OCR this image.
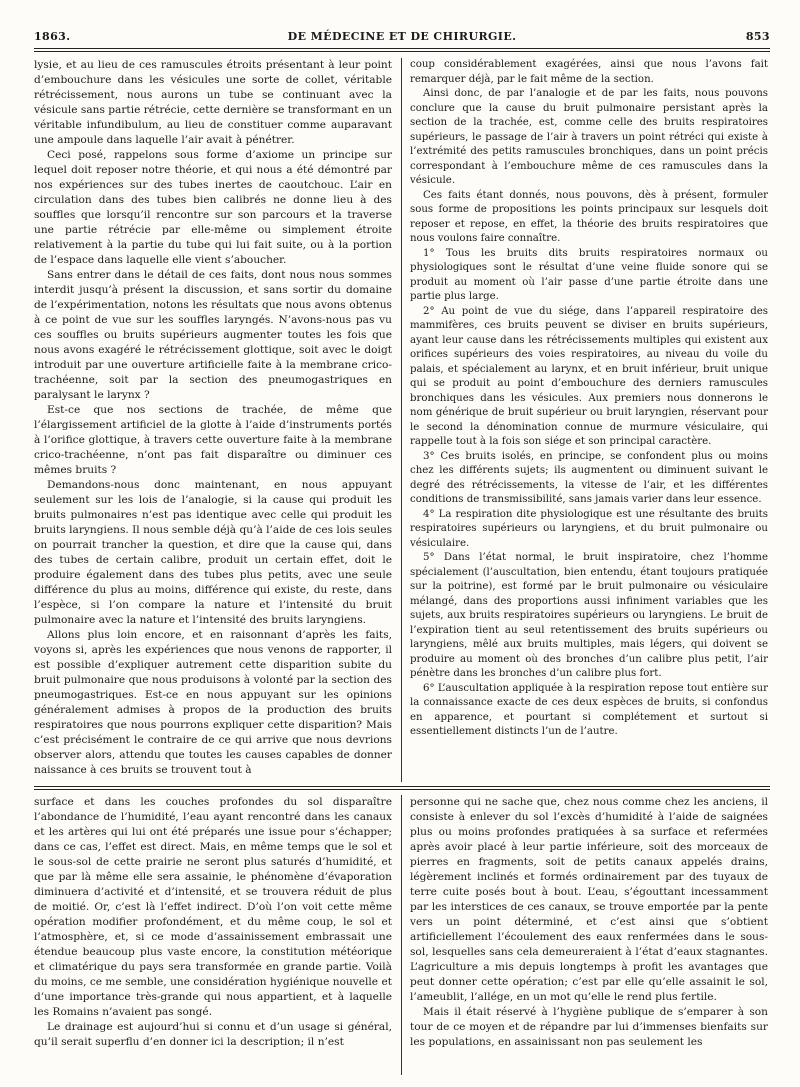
1863.	DE MÉDECINE ET DE CHIRURGIE.	853

lysie, et au lieu de ces ramuscules étroits présentant à leur point d’embouchure dans les vésicules une sorte de collet, véritable rétrécissement, nous aurons un tube se continuant avec la vésicule sans partie rétrécie, cette dernière se transformant en un véritable infundibulum, au lieu de constituer comme auparavant une ampoule dans laquelle l’air avait à pénétrer.

Ceci posé, rappelons sous forme d’axiome un principe sur lequel doit reposer notre théorie, et qui nous a été démontré par nos expériences sur des tubes inertes de caoutchouc. L’air en circulation dans des tubes bien calibrés ne donne lieu à des souffles que lorsqu’il rencontre sur son parcours et la traverse une partie rétrécie par elle-même ou simplement étroite relativement à la partie du tube qui lui fait suite, ou à la portion de l’espace dans laquelle elle vient s’aboucher.

Sans entrer dans le détail de ces faits, dont nous nous sommes interdit jusqu’à présent la discussion, et sans sortir du domaine de l’expérimentation, notons les résultats que nous avons obtenus à ce point de vue sur les souffles laryngés. N’avons-nous pas vu ces souffles ou bruits supérieurs augmenter toutes les fois que nous avons exagéré le rétrécissement glottique, soit avec le doigt introduit par une ouverture artificielle faite à la membrane crico-trachéenne, soit par la section des pneumogastriques en paralysant le larynx ?

Est-ce que nos sections de trachée, de même que l’élargissement artificiel de la glotte à l’aide d’instruments portés à l’orifice glottique, à travers cette ouverture faite à la membrane crico-trachéenne, n’ont pas fait disparaître ou diminuer ces mêmes bruits ?

Demandons-nous donc maintenant, en nous appuyant seulement sur les lois de l’analogie, si la cause qui produit les bruits pulmonaires n’est pas identique avec celle qui produit les bruits laryngiens. Il nous semble déjà qu’à l’aide de ces lois seules on pourrait trancher la question, et dire que la cause qui, dans des tubes de certain calibre, produit un certain effet, doit le produire également dans des tubes plus petits, avec une seule différence du plus au moins, différence qui existe, du reste, dans l’espèce, si l’on compare la nature et l’intensité du bruit pulmonaire avec la nature et l’intensité des bruits laryngiens.

Allons plus loin encore, et en raisonnant d’après les faits, voyons si, après les expériences que nous venons de rapporter, il est possible d’expliquer autrement cette disparition subite du bruit pulmonaire que nous produisons à volonté par la section des pneumogastriques. Est-ce en nous appuyant sur les opinions généralement admises à propos de la production des bruits respiratoires que nous pourrons expliquer cette disparition? Mais c’est précisément le contraire de ce qui arrive que nous devrions observer alors, attendu que toutes les causes capables de donner naissance à ces bruits se trouvent tout à

coup considérablement exagérées, ainsi que nous l’avons fait remarquer déjà, par le fait même de la section.

Ainsi donc, de par l’analogie et de par les faits, nous pouvons conclure que la cause du bruit pulmonaire persistant après la section de la trachée, est, comme celle des bruits respiratoires supérieurs, le passage de l’air à travers un point rétréci qui existe à l’extrémité des petits ramuscules bronchiques, dans un point précis correspondant à l’embouchure même de ces ramuscules dans la vésicule.

Ces faits étant donnés, nous pouvons, dès à présent, formuler sous forme de propositions les points principaux sur lesquels doit reposer et repose, en effet, la théorie des bruits respiratoires que nous voulons faire connaître.

1° Tous les bruits dits bruits respiratoires normaux ou physiologiques sont le résultat d’une veine fluide sonore qui se produit au moment où l’air passe d’une partie étroite dans une partie plus large.

2° Au point de vue du siége, dans l’appareil respiratoire des mammifères, ces bruits peuvent se diviser en bruits supérieurs, ayant leur cause dans les rétrécissements multiples qui existent aux orifices supérieurs des voies respiratoires, au niveau du voile du palais, et spécialement au larynx, et en bruit inférieur, bruit unique qui se produit au point d’embouchure des derniers ramuscules bronchiques dans les vésicules. Aux premiers nous donnerons le nom générique de bruit supérieur ou bruit laryngien, réservant pour le second la dénomination connue de murmure vésiculaire, qui rappelle tout à la fois son siége et son principal caractère.

3° Ces bruits isolés, en principe, se confondent plus ou moins chez les différents sujets; ils augmentent ou diminuent suivant le degré des rétrécissements, la vitesse de l’air, et les différentes conditions de transmissibilité, sans jamais varier dans leur essence.

4° La respiration dite physiologique est une résultante des bruits respiratoires supérieurs ou laryngiens, et du bruit pulmonaire ou vésiculaire.

5° Dans l’état normal, le bruit inspiratoire, chez l’homme spécialement (l’auscultation, bien entendu, étant toujours pratiquée sur la poitrine), est formé par le bruit pulmonaire ou vésiculaire mélangé, dans des proportions aussi infiniment variables que les sujets, aux bruits respiratoires supérieurs ou laryngiens. Le bruit de l’expiration tient au seul retentissement des bruits supérieurs ou laryngiens, mêlé aux bruits multiples, mais légers, qui doivent se produire au moment où des bronches d’un calibre plus petit, l’air pénètre dans les bronches d’un calibre plus fort.

6° L’auscultation appliquée à la respiration repose tout entière sur la connaissance exacte de ces deux espèces de bruits, si confondus en apparence, et pourtant si complétement et surtout si essentiellement distincts l’un de l’autre.

surface et dans les couches profondes du sol disparaître l’abondance de l’humidité, l’eau ayant rencontré dans les canaux et les artères qui lui ont été préparés une issue pour s’échapper; dans ce cas, l’effet est direct. Mais, en même temps que le sol et le sous-sol de cette prairie ne seront plus saturés d’humidité, et que par là même elle sera assainie, le phénomène d’évaporation diminuera d’activité et d’intensité, et se trouvera réduit de plus de moitié. Or, c’est là l’effet indirect. D’où l’on voit cette même opération modifier profondément, et du même coup, le sol et l’atmosphère, et, si ce mode d’assainissement embrassait une étendue beaucoup plus vaste encore, la constitution météorique et climatérique du pays sera transformée en grande partie. Voilà du moins, ce me semble, une considération hygiénique nouvelle et d’une importance très-grande qui nous appartient, et à laquelle les Romains n’avaient pas songé.

Le drainage est aujourd’hui si connu et d’un usage si général, qu’il serait superflu d’en donner ici la description; il n’est

personne qui ne sache que, chez nous comme chez les anciens, il consiste à enlever du sol l’excès d’humidité à l’aide de saignées plus ou moins profondes pratiquées à sa surface et refermées après avoir placé à leur partie inférieure, soit des morceaux de pierres en fragments, soit de petits canaux appelés drains, légèrement inclinés et formés ordinairement par des tuyaux de terre cuite posés bout à bout. L’eau, s’égouttant incessamment par les interstices de ces canaux, se trouve emportée par la pente vers un point déterminé, et c’est ainsi que s’obtient artificiellement l’écoulement des eaux renfermées dans le sous-sol, lesquelles sans cela demeureraient à l’état d’eaux stagnantes. L’agriculture a mis depuis longtemps à profit les avantages que peut donner cette opération; c’est par elle qu’elle assainit le sol, l’ameublit, l’allége, en un mot qu’elle le rend plus fertile.

Mais il était réservé à l’hygiène publique de s’emparer à son tour de ce moyen et de répandre par lui d’immenses bienfaits sur les populations, en assainissant non pas seulement les
